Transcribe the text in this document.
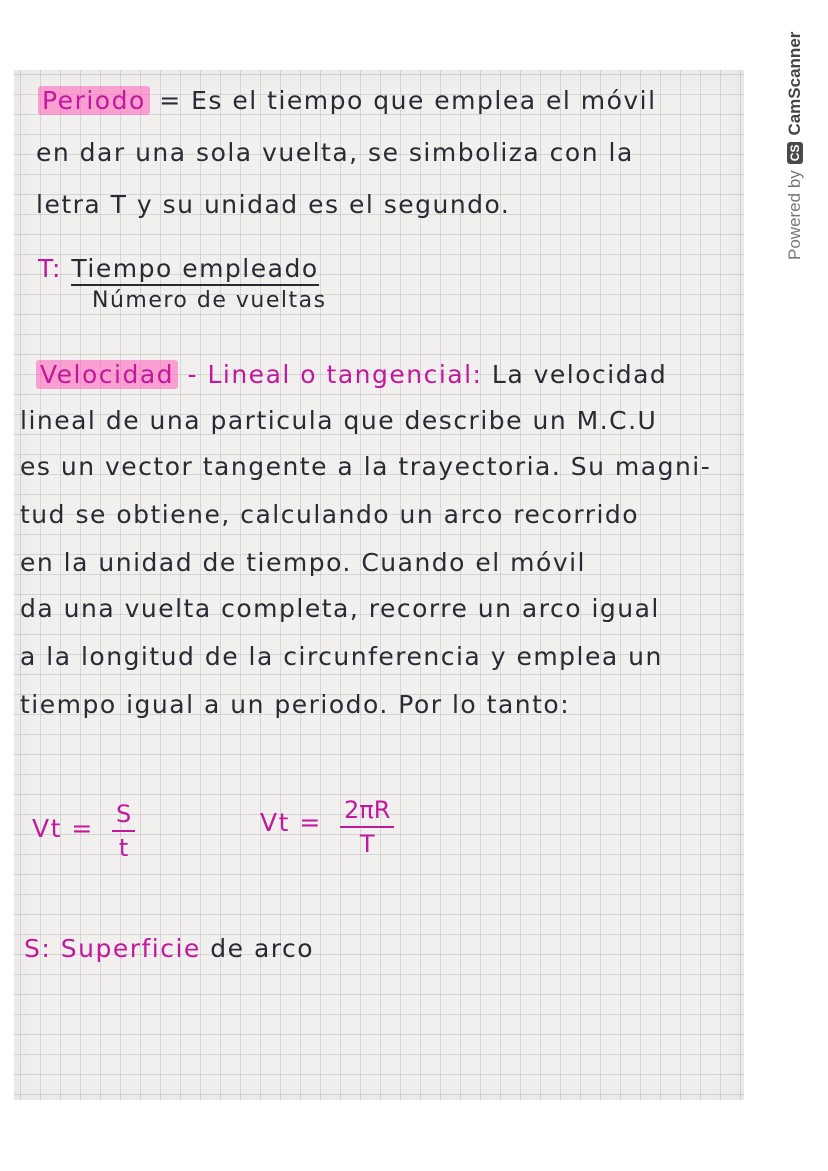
Periodo = Es el tiempo que emplea el móvil
en dar una sola vuelta, se simboliza con la
letra T y su unidad es el segundo.
T: Tiempo empleado
Número de vueltas
Velocidad - Lineal o tangencial: La velocidad
lineal de una particula que describe un M.C.U
es un vector tangente a la trayectoria. Su magni-
tud se obtiene, calculando un arco recorrido
en la unidad de tiempo. Cuando el móvil
da una vuelta completa, recorre un arco igual
a la longitud de la circunferencia y emplea un
tiempo igual a un periodo. Por lo tanto:
$Vt = \frac{S}{t}$	$Vt = \frac{2\pi R}{T}$
S: Superficie de arco
Powered by
CS
CamScanner
